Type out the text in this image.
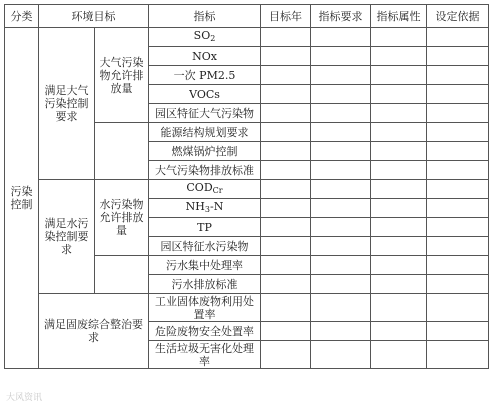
分类	环境目标		指标	目标年	指标要求	指标属性	设定依据
污染控制	满足大气污染控制要求	大气污染物允许排放量	$SO_2$				
			NOx				
			一次 PM2.5				
			VOCs				
			园区特征大气污染物				
			能源结构规划要求				
			燃煤锅炉控制				
			大气污染物排放标准				
	满足水污染控制要求	水污染物允许排放量	$COD_{Cr}$				
			NH3-N				
			TP				
			园区特征水污染物				
			污水集中处理率				
			污水排放标准				
	满足固废综合整治要求		工业固体废物利用处置率				
			危险废物安全处置率				
			生活垃圾无害化处理率				
大风资讯
